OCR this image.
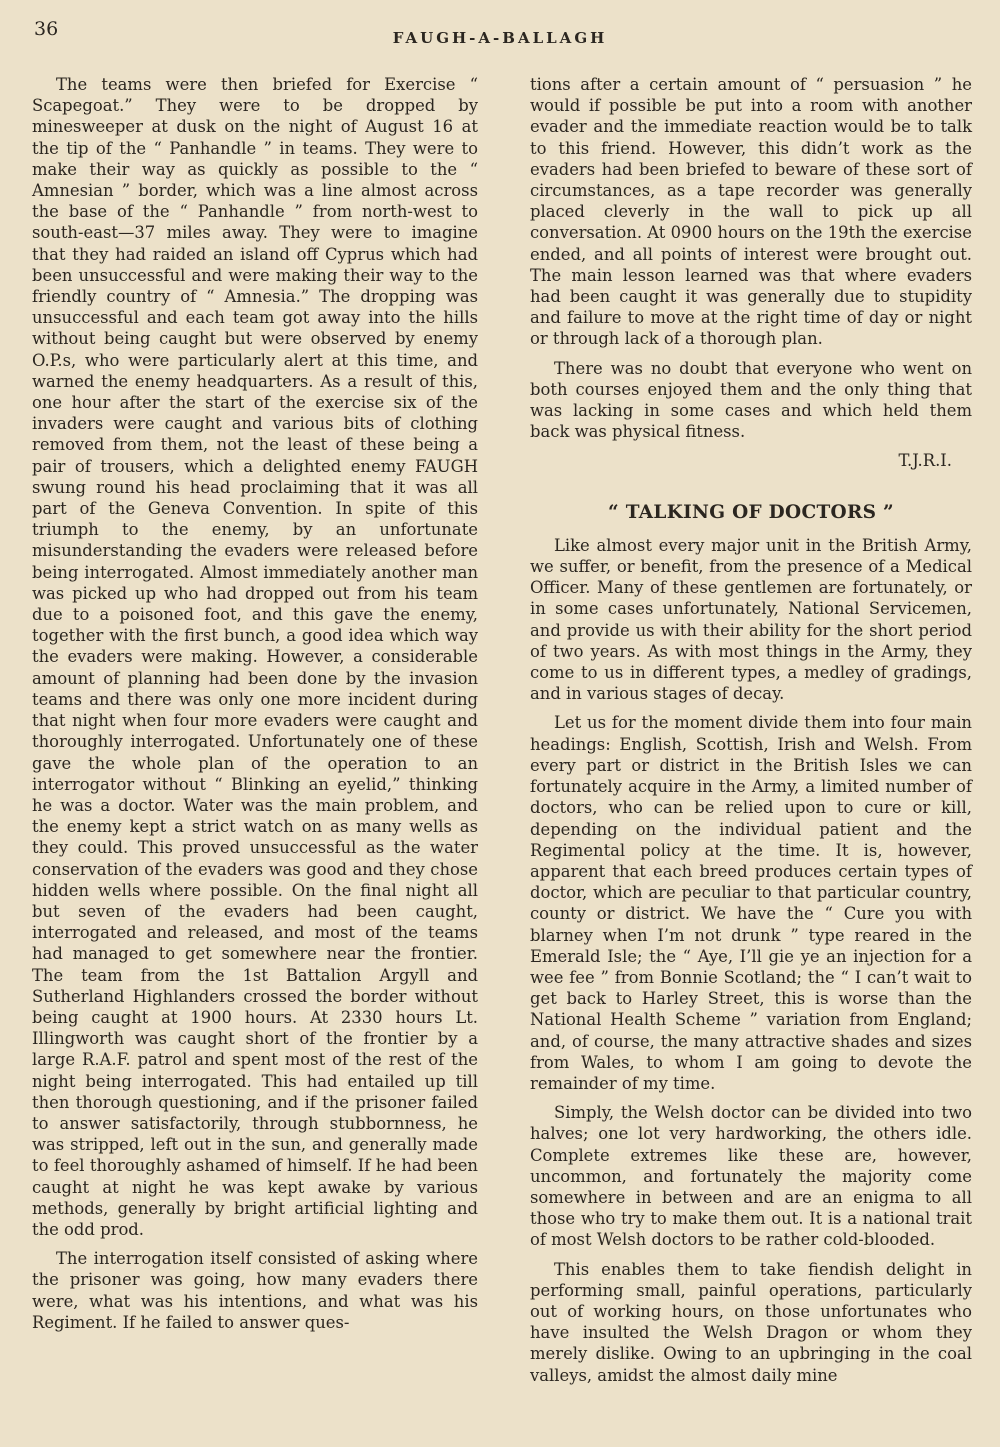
36	FAUGH-A-BALLAGH

The teams were then briefed for Exercise “ Scapegoat.” They were to be dropped by minesweeper at dusk on the night of August 16 at the tip of the “ Panhandle ” in teams. They were to make their way as quickly as possible to the “ Amnesian ” border, which was a line almost across the base of the “ Panhandle ” from north-west to south-east—37 miles away. They were to imagine that they had raided an island off Cyprus which had been unsuccessful and were making their way to the friendly country of “ Amnesia.” The dropping was unsuccessful and each team got away into the hills without being caught but were observed by enemy O.P.s, who were particularly alert at this time, and warned the enemy headquarters. As a result of this, one hour after the start of the exercise six of the invaders were caught and various bits of clothing removed from them, not the least of these being a pair of trousers, which a delighted enemy FAUGH swung round his head proclaiming that it was all part of the Geneva Convention. In spite of this triumph to the enemy, by an unfortunate misunderstanding the evaders were released before being interrogated. Almost immediately another man was picked up who had dropped out from his team due to a poisoned foot, and this gave the enemy, together with the first bunch, a good idea which way the evaders were making. However, a considerable amount of planning had been done by the invasion teams and there was only one more incident during that night when four more evaders were caught and thoroughly interrogated. Unfortunately one of these gave the whole plan of the operation to an interrogator without “ Blinking an eyelid,” thinking he was a doctor. Water was the main problem, and the enemy kept a strict watch on as many wells as they could. This proved unsuccessful as the water conservation of the evaders was good and they chose hidden wells where possible. On the final night all but seven of the evaders had been caught, interrogated and released, and most of the teams had managed to get somewhere near the frontier. The team from the 1st Battalion Argyll and Sutherland Highlanders crossed the border without being caught at 1900 hours. At 2330 hours Lt. Illingworth was caught short of the frontier by a large R.A.F. patrol and spent most of the rest of the night being interrogated. This had entailed up till then thorough questioning, and if the prisoner failed to answer satisfactorily, through stubbornness, he was stripped, left out in the sun, and generally made to feel thoroughly ashamed of himself. If he had been caught at night he was kept awake by various methods, generally by bright artificial lighting and the odd prod.

The interrogation itself consisted of asking where the prisoner was going, how many evaders there were, what was his intentions, and what was his Regiment. If he failed to answer ques-

tions after a certain amount of “ persuasion ” he would if possible be put into a room with another evader and the immediate reaction would be to talk to this friend. However, this didn’t work as the evaders had been briefed to beware of these sort of circumstances, as a tape recorder was generally placed cleverly in the wall to pick up all conversation. At 0900 hours on the 19th the exercise ended, and all points of interest were brought out. The main lesson learned was that where evaders had been caught it was generally due to stupidity and failure to move at the right time of day or night or through lack of a thorough plan.

There was no doubt that everyone who went on both courses enjoyed them and the only thing that was lacking in some cases and which held them back was physical fitness.

T.J.R.I.
“ TALKING OF DOCTORS ”

Like almost every major unit in the British Army, we suffer, or benefit, from the presence of a Medical Officer. Many of these gentlemen are fortunately, or in some cases unfortunately, National Servicemen, and provide us with their ability for the short period of two years. As with most things in the Army, they come to us in different types, a medley of gradings, and in various stages of decay.

Let us for the moment divide them into four main headings: English, Scottish, Irish and Welsh. From every part or district in the British Isles we can fortunately acquire in the Army, a limited number of doctors, who can be relied upon to cure or kill, depending on the individual patient and the Regimental policy at the time. It is, however, apparent that each breed produces certain types of doctor, which are peculiar to that particular country, county or district. We have the “ Cure you with blarney when I’m not drunk ” type reared in the Emerald Isle; the “ Aye, I’ll gie ye an injection for a wee fee ” from Bonnie Scotland; the “ I can’t wait to get back to Harley Street, this is worse than the National Health Scheme ” variation from England; and, of course, the many attractive shades and sizes from Wales, to whom I am going to devote the remainder of my time.

Simply, the Welsh doctor can be divided into two halves; one lot very hardworking, the others idle. Complete extremes like these are, however, uncommon, and fortunately the majority come somewhere in between and are an enigma to all those who try to make them out. It is a national trait of most Welsh doctors to be rather cold-blooded.

This enables them to take fiendish delight in performing small, painful operations, particularly out of working hours, on those unfortunates who have insulted the Welsh Dragon or whom they merely dislike. Owing to an upbringing in the coal valleys, amidst the almost daily mine
